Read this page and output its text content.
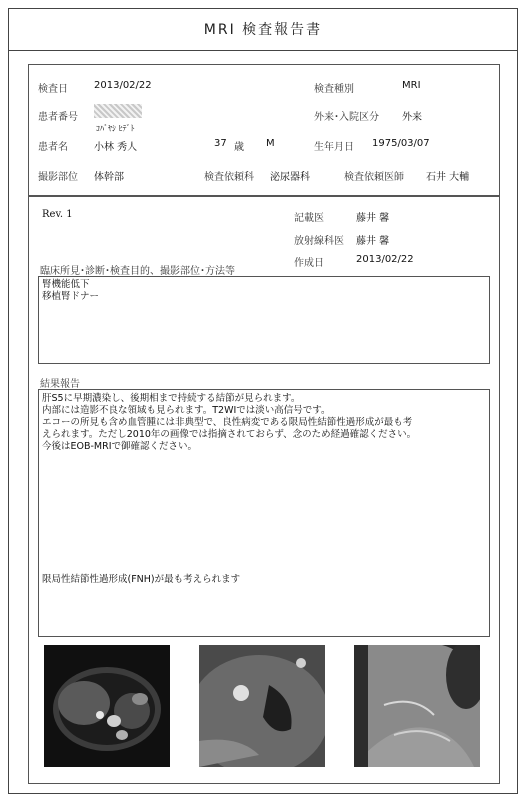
MRI 検査報告書
検査日	2013/02/22	検査種別	MRI
患者番号
ｺﾊﾞﾔｼ ﾋﾃﾞﾄ
外来･入院区分 外来
患者名	小林 秀人	37 歳 M	生年月日 1975/03/07
撮影部位 体幹部	検査依頼科 泌尿器科	検査依頼医師 石井 大輔
Rev. 1	記載医	藤井 馨
放射線科医 藤井 馨
作成日	2013/02/22
臨床所見･診断･検査目的、撮影部位･方法等
腎機能低下
移植腎ドナー
結果報告
肝S5に早期濃染し、後期相まで持続する結節が見られます。
内部には造影不良な領域も見られます。T2WIでは淡い高信号です。
エコーの所見も含め血管腫には非典型で、良性病変である限局性結節性過形成が最も考
えられます。ただし2010年の画像では指摘されておらず、念のため経過確認ください。
今後はEOB-MRIで御確認ください。
限局性結節性過形成(FNH)が最も考えられます
